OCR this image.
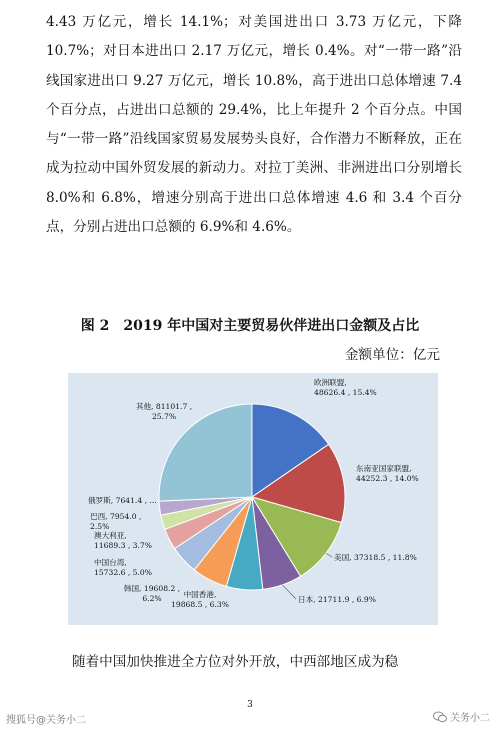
4.43 万亿元，增长 14.1%；对美国进出口 3.73 万亿元，下降 10.7%；对日本进出口 2.17 万亿元，增长 0.4%。对“一带一路”沿线国家进出口 9.27 万亿元，增长 10.8%，高于进出口总体增速 7.4 个百分点，占进出口总额的 29.4%，比上年提升 2 个百分点。中国与“一带一路”沿线国家贸易发展势头良好，合作潜力不断释放，正在成为拉动中国外贸发展的新动力。对拉丁美洲、非洲进出口分别增长 8.0%和 6.8%，增速分别高于进出口总体增速 4.6 和 3.4 个百分点，分别占进出口总额的 6.9%和 4.6%。

图 2　2019 年中国对主要贸易伙伴进出口金额及占比
金额单位：亿元
欧洲联盟, 48626.4 , 15.4%
东南亚国家联盟, 44252.3 , 14.0%
美国, 37318.5 , 11.8%
日本, 21711.9 , 6.9%
中国香港, 19868.5 , 6.3%
韩国, 19608.2 , 6.2%
中国台湾, 15732.6 , 5.0%
澳大利亚, 11689.3 , 3.7%
巴西, 7954.0 , 2.5%
俄罗斯, 7641.4 , ...
其他, 81101.7 , 25.7%
随着中国加快推进全方位对外开放，中西部地区成为稳
3
搜狐号@关务小二	关务小二
